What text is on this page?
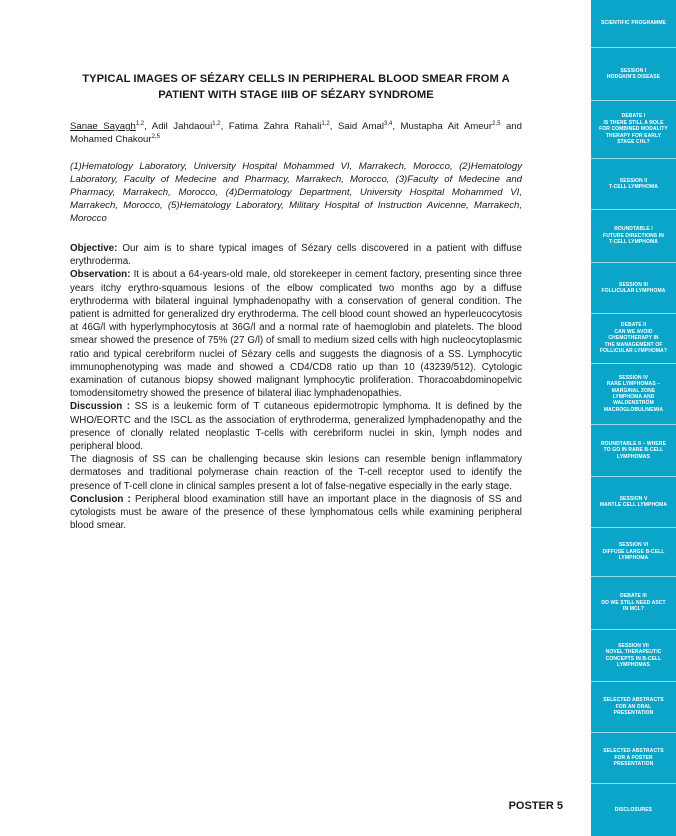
TYPICAL IMAGES OF SÉZARY CELLS IN PERIPHERAL BLOOD SMEAR FROM A
PATIENT WITH STAGE IIIB OF SÉZARY SYNDROME
Sanae Sayagh$^{1,2}$, Adil Jahdaoui$^{1,2}$, Fatima Zahra Rahali$^{1,2}$, Said Amal$^{3,4}$, Mustapha Ait Ameur$^{2,5}$ and Mohamed Chakour$^{2,5}$
(1)Hematology Laboratory, University Hospital Mohammed VI, Marrakech, Morocco, (2)Hematology Laboratory, Faculty of Medecine and Pharmacy, Marrakech, Morocco, (3)Faculty of Medecine and Pharmacy, Marrakech, Morocco, (4)Dermatology Department, University Hospital Mohammed VI, Marrakech, Morocco, (5)Hematology Laboratory, Military Hospital of Instruction Avicenne, Marrakech, Morocco

Objective: Our aim is to share typical images of Sézary cells discovered in a patient with diffuse erythroderma.

Observation: It is about a 64-years-old male, old storekeeper in cement factory, presenting since three years itchy erythro-squamous lesions of the elbow complicated two months ago by a diffuse erythroderma with bilateral inguinal lymphadenopathy with a conservation of general condition. The patient is admitted for generalized dry erythroderma. The cell blood count showed an hyperleucocytosis at 46G/l with hyperlymphocytosis at 36G/l and a normal rate of haemoglobin and platelets. The blood smear showed the presence of 75% (27 G/l) of small to medium sized cells with high nucleocytoplasmic ratio and typical cerebriform nuclei of Sézary cells and suggests the diagnosis of a SS. Lymphocytic immunophenotyping was made and showed a CD4/CD8 ratio up than 10 (43239/512). Cytologic examination of cutanous biopsy showed malignant lymphocytic proliferation. Thoracoabdominopelvic tomodensitometry showed the presence of bilateral iliac lymphadenopathies.

Discussion : SS is a leukemic form of T cutaneous epidermotropic lymphoma. It is defined by the WHO/EORTC and the ISCL as the association of erythroderma, generalized lymphadenopathy and the presence of clonally related neoplastic T-cells with cerebriform nuclei in skin, lymph nodes and peripheral blood.

The diagnosis of SS can be challenging because skin lesions can resemble benign inflammatory dermatoses and traditional polymerase chain reaction of the T-cell receptor used to identify the presence of T-cell clone in clinical samples present a lot of false-negative especially in the early stage.

Conclusion : Peripheral blood examination still have an important place in the diagnosis of SS and cytologists must be aware of the presence of these lymphomatous cells while examining peripheral blood smear.

POSTER 5
SCIENTIFIC PROGRAMME
SESSION I
HODGKIN'S DISEASE
DEBATE I
IS THERE STILL A ROLE
FOR COMBINED MODALITY
THERAPY FOR EARLY
STAGE CHL?
SESSION II
T-CELL LYMPHOMA
ROUNDTABLE I
FUTURE DIRECTIONS IN
T-CELL LYMPHOMA
SESSION III
FOLLICULAR LYMPHOMA
DEBATE II
CAN WE AVOID
CHEMOTHERAPY IN
THE MANAGEMENT OF
FOLLICULAR LYMPHOMA?
SESSION IV
RARE LYMPHOMAS –
MARGINAL ZONE
LYMPHOMA AND
WALDENSTRÖM
MACROGLOBULINEMIA
ROUNDTABLE II – WHERE
TO GO IN RARE B-CELL
LYMPHOMAS
SESSION V
MANTLE CELL LYMPHOMA
SESSION VI
DIFFUSE LARGE B-CELL
LYMPHOMA
DEBATE III
DO WE STILL NEED ASCT
IN MCL?
SESSION VII
NOVEL THERAPEUTIC
CONCEPTS IN B-CELL
LYMPHOMAS
SELECTED ABSTRACTS
FOR AN ORAL
PRESENTATION
SELECTED ABSTRACTS
FOR A POSTER
PRESENTATION
DISCLOSURES
